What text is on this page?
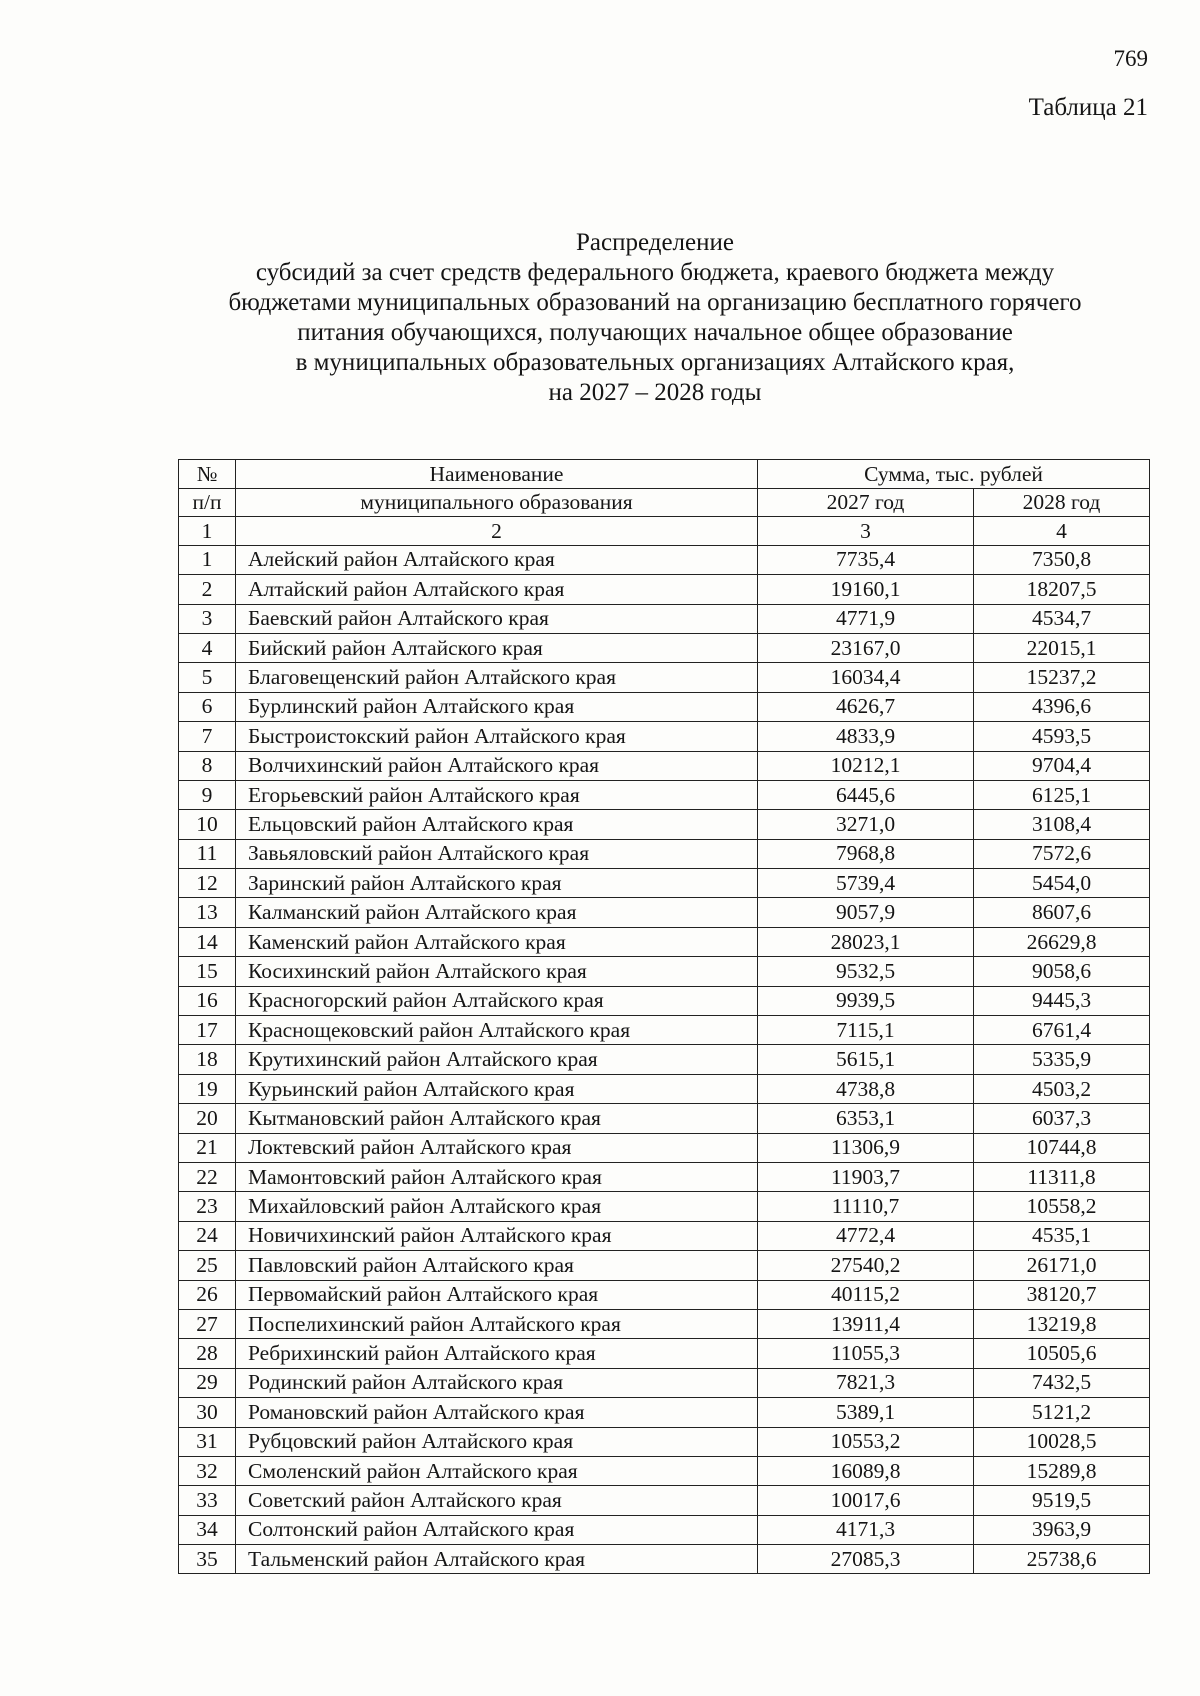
769
Таблица 21
Распределение
субсидий за счет средств федерального бюджета, краевого бюджета между
бюджетами муниципальных образований на организацию бесплатного горячего
питания обучающихся, получающих начальное общее образование
в муниципальных образовательных организациях Алтайского края,
на 2027 – 2028 годы
№	Наименование	Сумма, тыс. рублей	
п/п	муниципального образования	2027 год	2028 год
1	2	3	4
1	Алейский район Алтайского края	7735,4	7350,8
2	Алтайский район Алтайского края	19160,1	18207,5
3	Баевский район Алтайского края	4771,9	4534,7
4	Бийский район Алтайского края	23167,0	22015,1
5	Благовещенский район Алтайского края	16034,4	15237,2
6	Бурлинский район Алтайского края	4626,7	4396,6
7	Быстроистокский район Алтайского края	4833,9	4593,5
8	Волчихинский район Алтайского края	10212,1	9704,4
9	Егорьевский район Алтайского края	6445,6	6125,1
10	Ельцовский район Алтайского края	3271,0	3108,4
11	Завьяловский район Алтайского края	7968,8	7572,6
12	Заринский район Алтайского края	5739,4	5454,0
13	Калманский район Алтайского края	9057,9	8607,6
14	Каменский район Алтайского края	28023,1	26629,8
15	Косихинский район Алтайского края	9532,5	9058,6
16	Красногорский район Алтайского края	9939,5	9445,3
17	Краснощековский район Алтайского края	7115,1	6761,4
18	Крутихинский район Алтайского края	5615,1	5335,9
19	Курьинский район Алтайского края	4738,8	4503,2
20	Кытмановский район Алтайского края	6353,1	6037,3
21	Локтевский район Алтайского края	11306,9	10744,8
22	Мамонтовский район Алтайского края	11903,7	11311,8
23	Михайловский район Алтайского края	11110,7	10558,2
24	Новичихинский район Алтайского края	4772,4	4535,1
25	Павловский район Алтайского края	27540,2	26171,0
26	Первомайский район Алтайского края	40115,2	38120,7
27	Поспелихинский район Алтайского края	13911,4	13219,8
28	Ребрихинский район Алтайского края	11055,3	10505,6
29	Родинский район Алтайского края	7821,3	7432,5
30	Романовский район Алтайского края	5389,1	5121,2
31	Рубцовский район Алтайского края	10553,2	10028,5
32	Смоленский район Алтайского края	16089,8	15289,8
33	Советский район Алтайского края	10017,6	9519,5
34	Солтонский район Алтайского края	4171,3	3963,9
35	Тальменский район Алтайского края	27085,3	25738,6
